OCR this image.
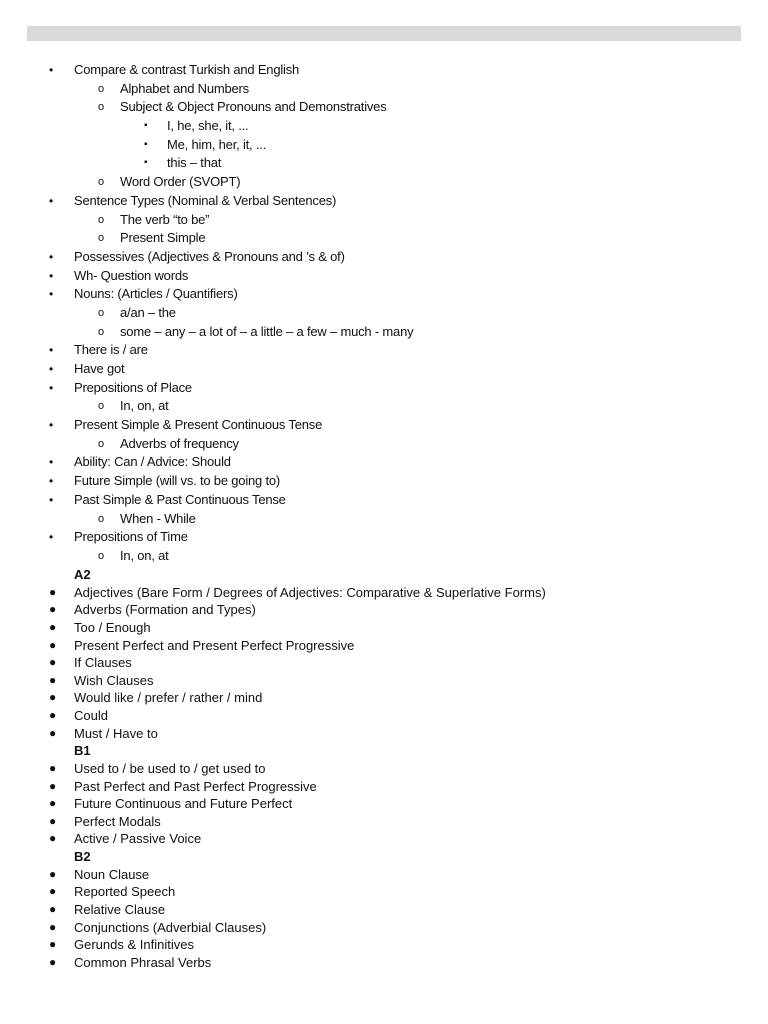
• Compare & contrast Turkish and English
o Alphabet and Numbers
o Subject & Object Pronouns and Demonstratives
▪ I, he, she, it, ...
▪ Me, him, her, it, ...
▪ this – that
o Word Order (SVOPT)
• Sentence Types (Nominal & Verbal Sentences)
o The verb “to be”
o Present Simple
• Possessives (Adjectives & Pronouns and ’s & of)
• Wh- Question words
• Nouns: (Articles / Quantifiers)
o a/an – the
o some – any – a lot of – a little – a few – much - many
• There is / are
• Have got
• Prepositions of Place
o In, on, at
• Present Simple & Present Continuous Tense
o Adverbs of frequency
• Ability: Can / Advice: Should
• Future Simple (will vs. to be going to)
• Past Simple & Past Continuous Tense
o When - While
• Prepositions of Time
o In, on, at
A2
● Adjectives (Bare Form / Degrees of Adjectives: Comparative & Superlative Forms)
● Adverbs (Formation and Types)
● Too / Enough
● Present Perfect and Present Perfect Progressive
● If Clauses
● Wish Clauses
● Would like / prefer / rather / mind
● Could
● Must / Have to
B1
● Used to / be used to / get used to
● Past Perfect and Past Perfect Progressive
● Future Continuous and Future Perfect
● Perfect Modals
● Active / Passive Voice
B2
● Noun Clause
● Reported Speech
● Relative Clause
● Conjunctions (Adverbial Clauses)
● Gerunds & Infinitives
● Common Phrasal Verbs
